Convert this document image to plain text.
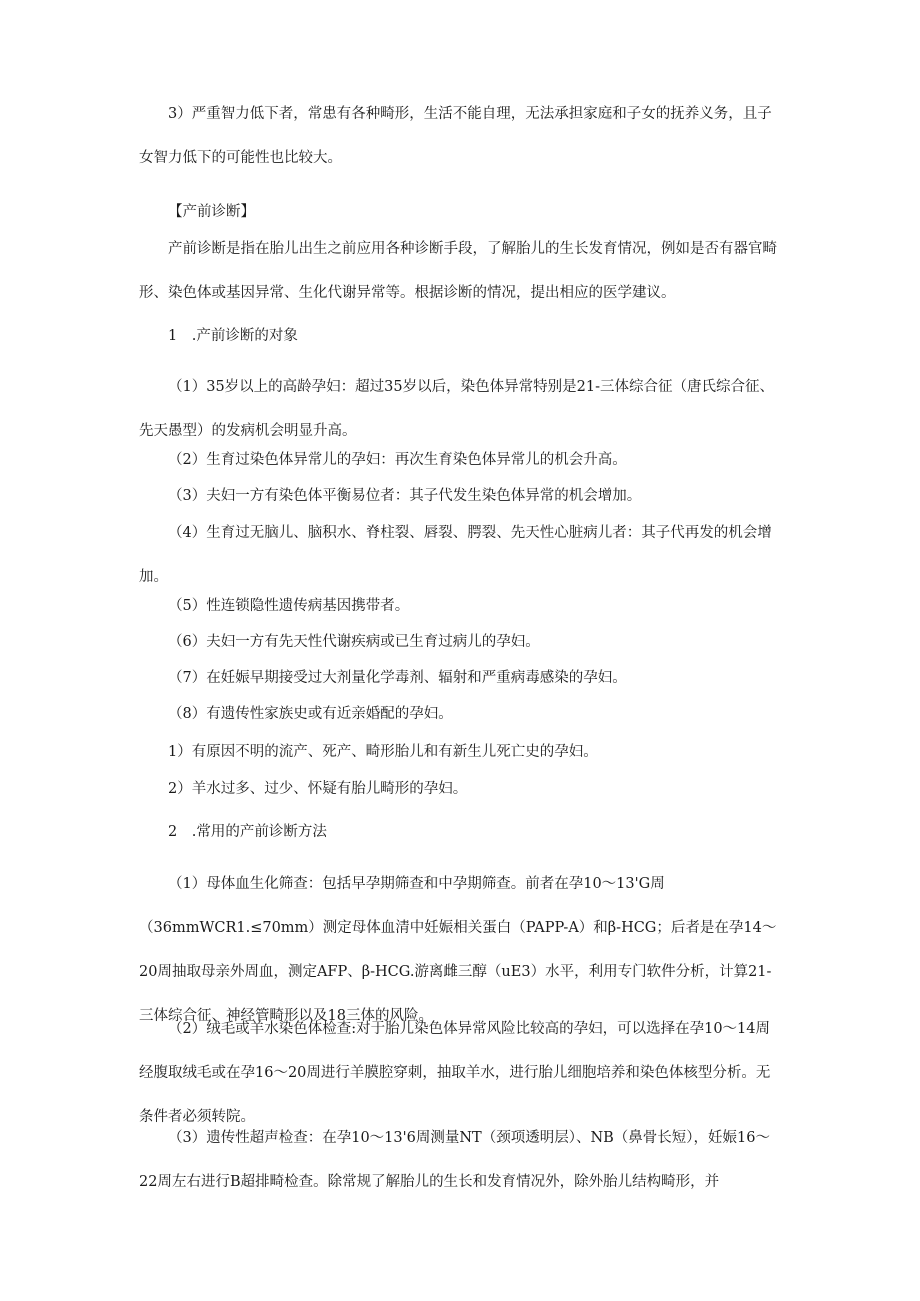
3）严重智力低下者，常患有各种畸形，生活不能自理，无法承担家庭和子女的抚养义务，且子女智力低下的可能性也比较大。

【产前诊断】

产前诊断是指在胎儿出生之前应用各种诊断手段，了解胎儿的生长发育情况，例如是否有器官畸形、染色体或基因异常、生化代谢异常等。根据诊断的情况，提出相应的医学建议。

1　.产前诊断的对象

（1）35岁以上的高龄孕妇：超过35岁以后，染色体异常特别是21-三体综合征（唐氏综合征、先天愚型）的发病机会明显升高。

（2）生育过染色体异常儿的孕妇：再次生育染色体异常儿的机会升高。

（3）夫妇一方有染色体平衡易位者：其子代发生染色体异常的机会增加。

（4）生育过无脑儿、脑积水、脊柱裂、唇裂、腭裂、先天性心脏病儿者：其子代再发的机会增加。

（5）性连锁隐性遗传病基因携带者。

（6）夫妇一方有先天性代谢疾病或已生育过病儿的孕妇。

（7）在妊娠早期接受过大剂量化学毒剂、辐射和严重病毒感染的孕妇。

（8）有遗传性家族史或有近亲婚配的孕妇。

1）有原因不明的流产、死产、畸形胎儿和有新生儿死亡史的孕妇。

2）羊水过多、过少、怀疑有胎儿畸形的孕妇。

2　.常用的产前诊断方法

（1）母体血生化筛查：包括早孕期筛查和中孕期筛查。前者在孕10～13'G周（36mmWCR1.≤70mm）测定母体血清中妊娠相关蛋白（PAPP-A）和β-HCG；后者是在孕14～20周抽取母亲外周血，测定AFP、β-HCG.游离雌三醇（uE3）水平，利用专门软件分析，计算21-三体综合征、神经管畸形以及18三体的风险。

（2）绒毛或羊水染色体检查:对于胎儿染色体异常风险比较高的孕妇，可以选择在孕10～14周经腹取绒毛或在孕16～20周进行羊膜腔穿刺，抽取羊水，进行胎儿细胞培养和染色体核型分析。无条件者必须转院。

（3）遗传性超声检查：在孕10～13'6周测量NT（颈项透明层）、NB（鼻骨长短），妊娠16～22周左右进行B超排畸检查。除常规了解胎儿的生长和发育情况外，除外胎儿结构畸形，并
